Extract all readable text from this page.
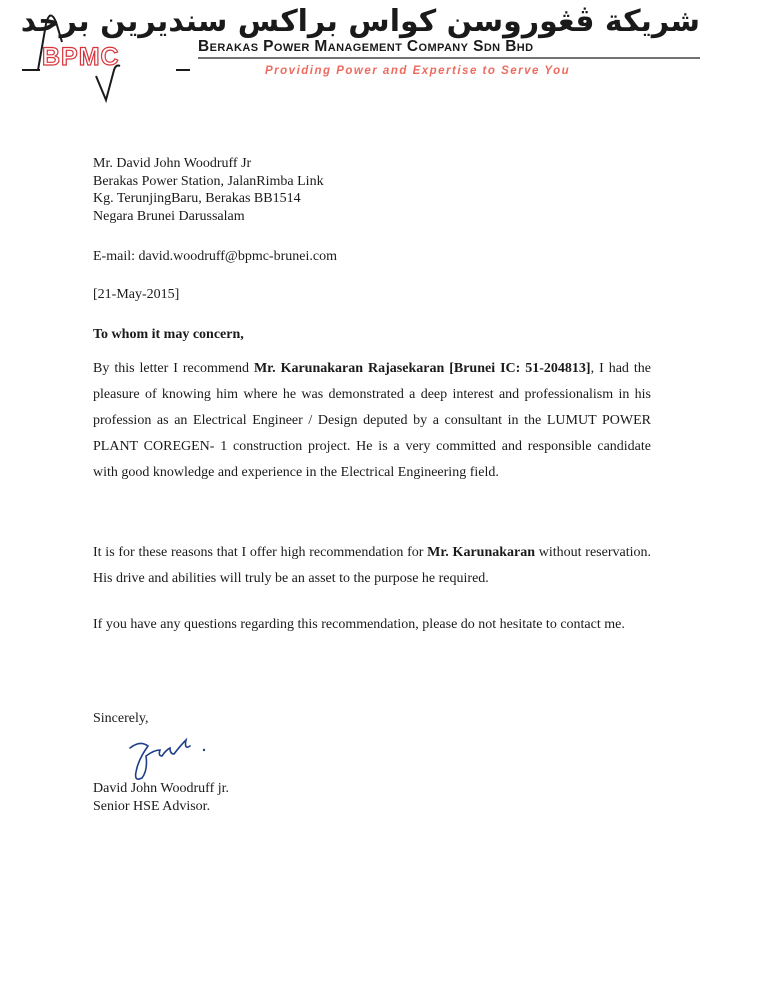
شريكة ڤڠوروسن كواس براكس سنديرين برحد
BPMC	Berakas Power Management Company Sdn Bhd
Providing Power and Expertise to Serve You
Mr. David John Woodruff Jr
Berakas Power Station, JalanRimba Link
Kg. TerunjingBaru, Berakas BB1514
Negara Brunei Darussalam
E-mail: david.woodruff@bpmc-brunei.com
[21-May-2015]
To whom it may concern,
By this letter I recommend Mr. Karunakaran Rajasekaran [Brunei IC: 51-204813], I had the pleasure of knowing him where he was demonstrated a deep interest and professionalism in his profession as an Electrical Engineer / Design deputed by a consultant in the LUMUT POWER PLANT COREGEN- 1 construction project. He is a very committed and responsible candidate with good knowledge and experience in the Electrical Engineering field.
It is for these reasons that I offer high recommendation for Mr. Karunakaran without reservation. His drive and abilities will truly be an asset to the purpose he required.
If you have any questions regarding this recommendation, please do not hesitate to contact me.
Sincerely,
David John Woodruff jr.
Senior HSE Advisor.
